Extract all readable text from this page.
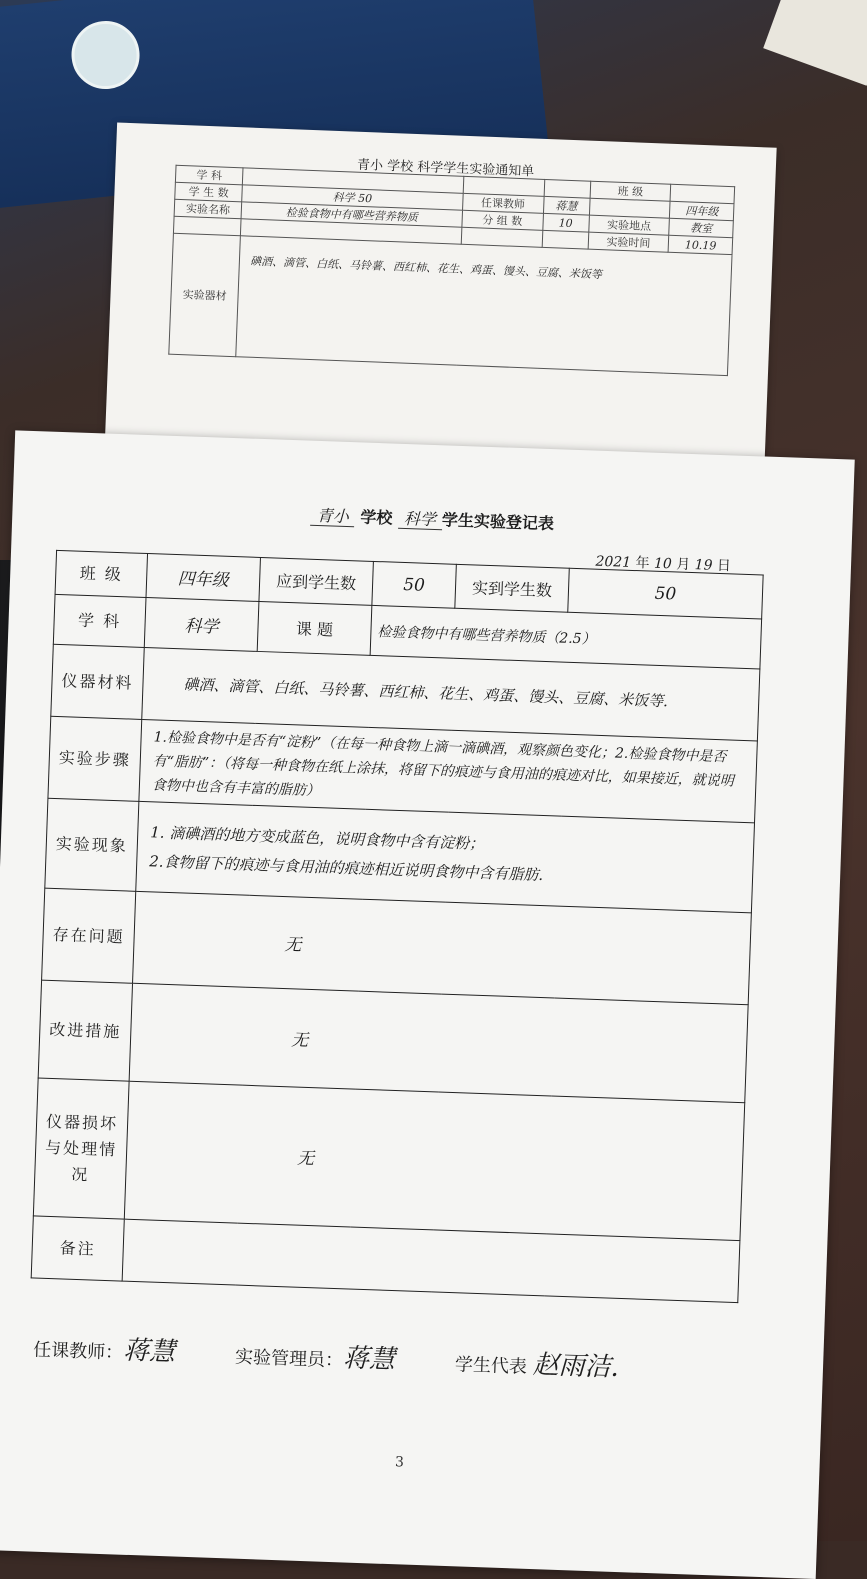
青小 学校 科学学生实验通知单
学 科				班 级	
学 生 数	科学 50	任课教师	蒋慧		四年级
实验名称	检验食物中有哪些营养物质	分 组 数	10	实验地点	教室
				实验时间	10.19
实验器材	碘酒、滴管、白纸、马铃薯、西红柿、花生、鸡蛋、馒头、豆腐、米饭等				
青小 学校 科学 学生实验登记表
2021 年 10 月 19 日
班 级	四年级	应到学生数	50	实到学生数	50
学 科	科学	课 题	检验食物中有哪些营养物质（2.5）		
仪器材料	碘酒、滴管、白纸、马铃薯、西红柿、花生、鸡蛋、馒头、豆腐、米饭等.				
实验步骤	1.检验食物中是否有“淀粉”（在每一种食物上滴一滴碘酒，观察颜色变化；2.检验食物中是否有“脂肪”：（将每一种食物在纸上涂抹，将留下的痕迹与食用油的痕迹对比，如果接近，就说明食物中也含有丰富的脂肪）				
实验现象	1. 滴碘酒的地方变成蓝色，说明食物中含有淀粉；
2.食物留下的痕迹与食用油的痕迹相近说明食物中含有脂肪.				

存在问题	无				
改进措施	无				
仪器损坏与处理情况	无				
备注					
任课教师：蒋慧	实验管理员：蒋慧	学生代表 赵雨洁.
3
